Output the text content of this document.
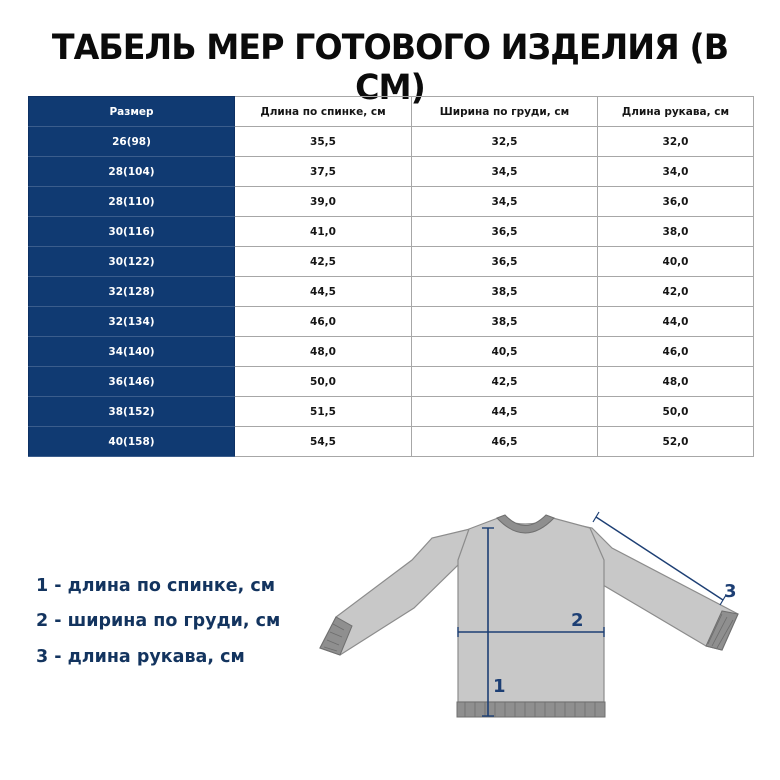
ТАБЕЛЬ МЕР ГОТОВОГО ИЗДЕЛИЯ (В СМ)
Размер	Длина по спинке, см	Ширина по груди, см	Длина рукава, см
26(98)	35,5	32,5	32,0
28(104)	37,5	34,5	34,0
28(110)	39,0	34,5	36,0
30(116)	41,0	36,5	38,0
30(122)	42,5	36,5	40,0
32(128)	44,5	38,5	42,0
32(134)	46,0	38,5	44,0
34(140)	48,0	40,5	46,0
36(146)	50,0	42,5	48,0
38(152)	51,5	44,5	50,0
40(158)	54,5	46,5	52,0
1 - длина по спинке, см
2 - ширина по груди, см
3 - длина рукава, см
1
2
3
